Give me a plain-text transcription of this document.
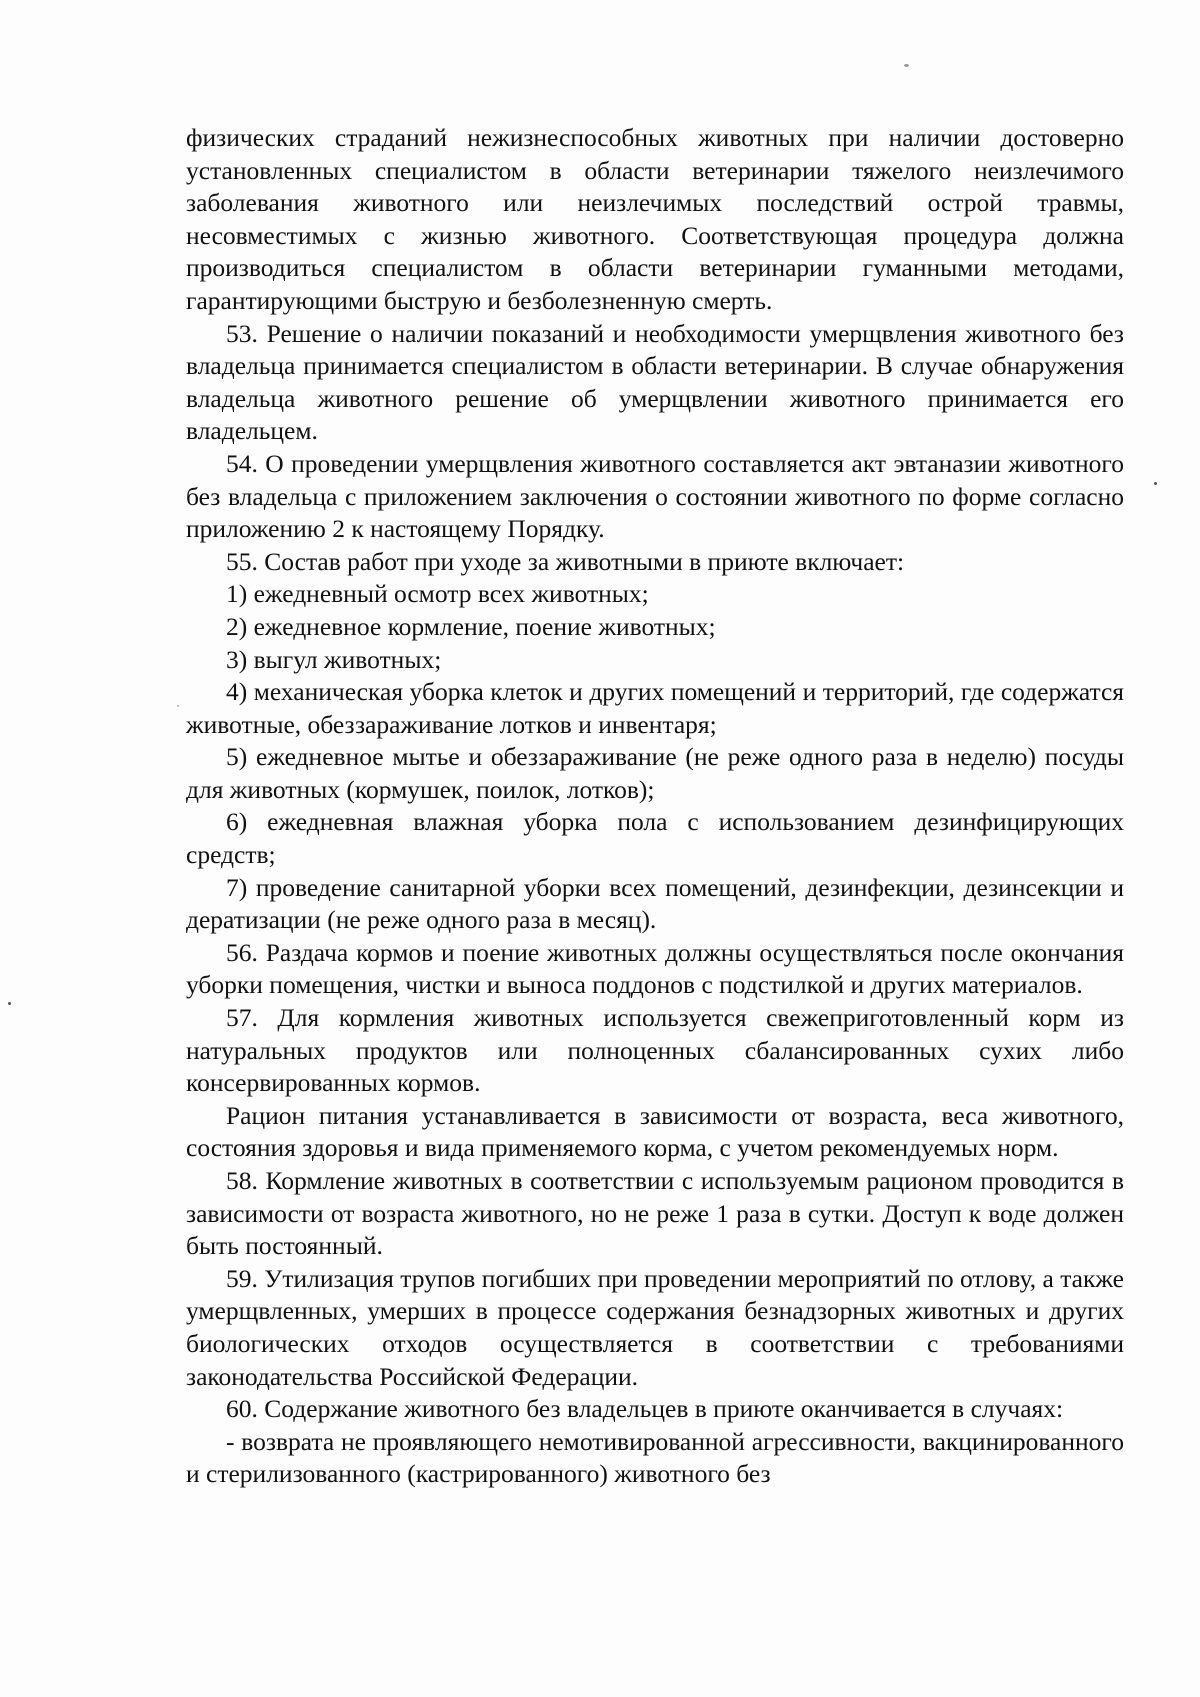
физических страданий нежизнеспособных животных при наличии достоверно установленных специалистом в области ветеринарии тяжелого неизлечимого заболевания животного или неизлечимых последствий острой травмы, несовместимых с жизнью животного. Соответствующая процедура должна производиться специалистом в области ветеринарии гуманными методами, гарантирующими быструю и безболезненную смерть.

53. Решение о наличии показаний и необходимости умерщвления животного без владельца принимается специалистом в области ветеринарии. В случае обнаружения владельца животного решение об умерщвлении животного принимается его владельцем.

54. О проведении умерщвления животного составляется акт эвтаназии животного без владельца с приложением заключения о состоянии животного по форме согласно приложению 2 к настоящему Порядку.

55. Состав работ при уходе за животными в приюте включает:

1) ежедневный осмотр всех животных;

2) ежедневное кормление, поение животных;

3) выгул животных;

4) механическая уборка клеток и других помещений и территорий, где содержатся животные, обеззараживание лотков и инвентаря;

5) ежедневное мытье и обеззараживание (не реже одного раза в неделю) посуды для животных (кормушек, поилок, лотков);

6) ежедневная влажная уборка пола с использованием дезинфицирующих средств;

7) проведение санитарной уборки всех помещений, дезинфекции, дезинсекции и дератизации (не реже одного раза в месяц).

56. Раздача кормов и поение животных должны осуществляться после окончания уборки помещения, чистки и выноса поддонов с подстилкой и других материалов.

57. Для кормления животных используется свежеприготовленный корм из натуральных продуктов или полноценных сбалансированных сухих либо консервированных кормов.

Рацион питания устанавливается в зависимости от возраста, веса животного, состояния здоровья и вида применяемого корма, с учетом рекомендуемых норм.

58. Кормление животных в соответствии с используемым рационом проводится в зависимости от возраста животного, но не реже 1 раза в сутки. Доступ к воде должен быть постоянный.

59. Утилизация трупов погибших при проведении мероприятий по отлову, а также умерщвленных, умерших в процессе содержания безнадзорных животных и других биологических отходов осуществляется в соответствии с требованиями законодательства Российской Федерации.

60. Содержание животного без владельцев в приюте оканчивается в случаях:

- возврата не проявляющего немотивированной агрессивности, вакцинированного и стерилизованного (кастрированного) животного без
